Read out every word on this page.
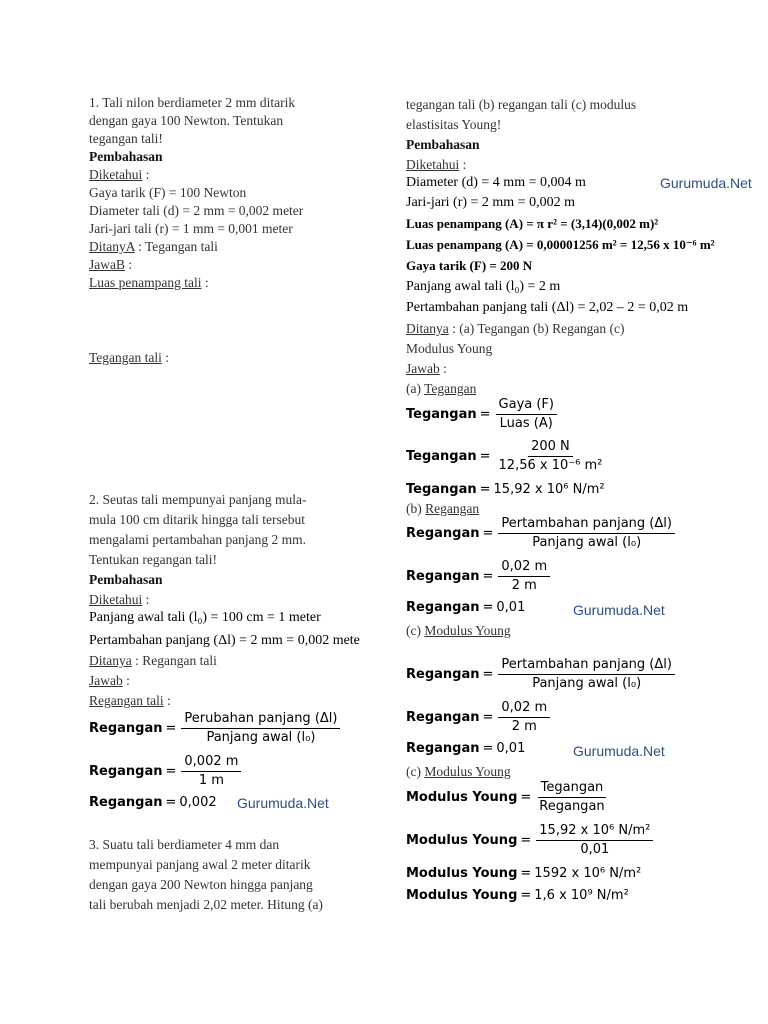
1. Tali nilon berdiameter 2 mm ditarik
dengan gaya 100 Newton. Tentukan
tegangan tali!
Pembahasan
Diketahui :
Gaya tarik (F) = 100 Newton
Diameter tali (d) = 2 mm = 0,002 meter
Jari-jari tali (r) = 1 mm = 0,001 meter
DitanyA : Tegangan tali
JawaB :
Luas penampang tali :
Tegangan tali :
2. Seutas tali mempunyai panjang mula-
mula 100 cm ditarik hingga tali tersebut
mengalami pertambahan panjang 2 mm.
Tentukan regangan tali!
Pembahasan
Diketahui :
Panjang awal tali (l₀) = 100 cm = 1 meter
Pertambahan panjang (Δl) = 2 mm = 0,002 mete
Ditanya : Regangan tali
Jawab :
Regangan tali :
Regangan = $\frac{\text{Perubahan panjang (Δl)}}{\text{Panjang awal (l₀)}}$
Regangan = $\frac{0,002 m}{1 m}$
Regangan = 0,002 Gurumuda.Net
3. Suatu tali berdiameter 4 mm dan
mempunyai panjang awal 2 meter ditarik
dengan gaya 200 Newton hingga panjang
tali berubah menjadi 2,02 meter. Hitung (a)
tegangan tali (b) regangan tali (c) modulus
elastisitas Young!
Pembahasan
Diketahui :
Diameter (d) = 4 mm = 0,004 m	Gurumuda.Net
Jari-jari (r) = 2 mm = 0,002 m
Luas penampang (A) = π r² = (3,14)(0,002 m)²
Luas penampang (A) = 0,00001256 m² = 12,56 x 10⁻⁶ m²
Gaya tarik (F) = 200 N
Panjang awal tali (l₀) = 2 m
Pertambahan panjang tali (Δl) = 2,02 – 2 = 0,02 m
Ditanya : (a) Tegangan (b) Regangan (c)
Modulus Young
Jawab :
(a) Tegangan
Tegangan = $\frac{\text{Gaya (F)}}{\text{Luas (A)}}$
Tegangan = $\frac{200 N}{\text{12,56 x 10⁻⁶ m²}}$
Tegangan = 15,92 x 10⁶ N/m²
(b) Regangan
Regangan = $\frac{\text{Pertambahan panjang (Δl)}}{\text{Panjang awal (l₀)}}$
Regangan = $\frac{0,02 m}{2 m}$
Regangan = 0,01	Gurumuda.Net
(c) Modulus Young
Regangan = $\frac{\text{Pertambahan panjang (Δl)}}{\text{Panjang awal (l₀)}}$
Regangan = $\frac{0,02 m}{2 m}$
Regangan = 0,01	Gurumuda.Net
(c) Modulus Young
Modulus Young = $\frac{\text{Tegangan}}{\text{Regangan}}$
Modulus Young = $\frac{\text{15,92 x 10⁶ N/m²}}{0,01}$
Modulus Young = 1592 x 10⁶ N/m²
Modulus Young = 1,6 x 10⁹ N/m²
